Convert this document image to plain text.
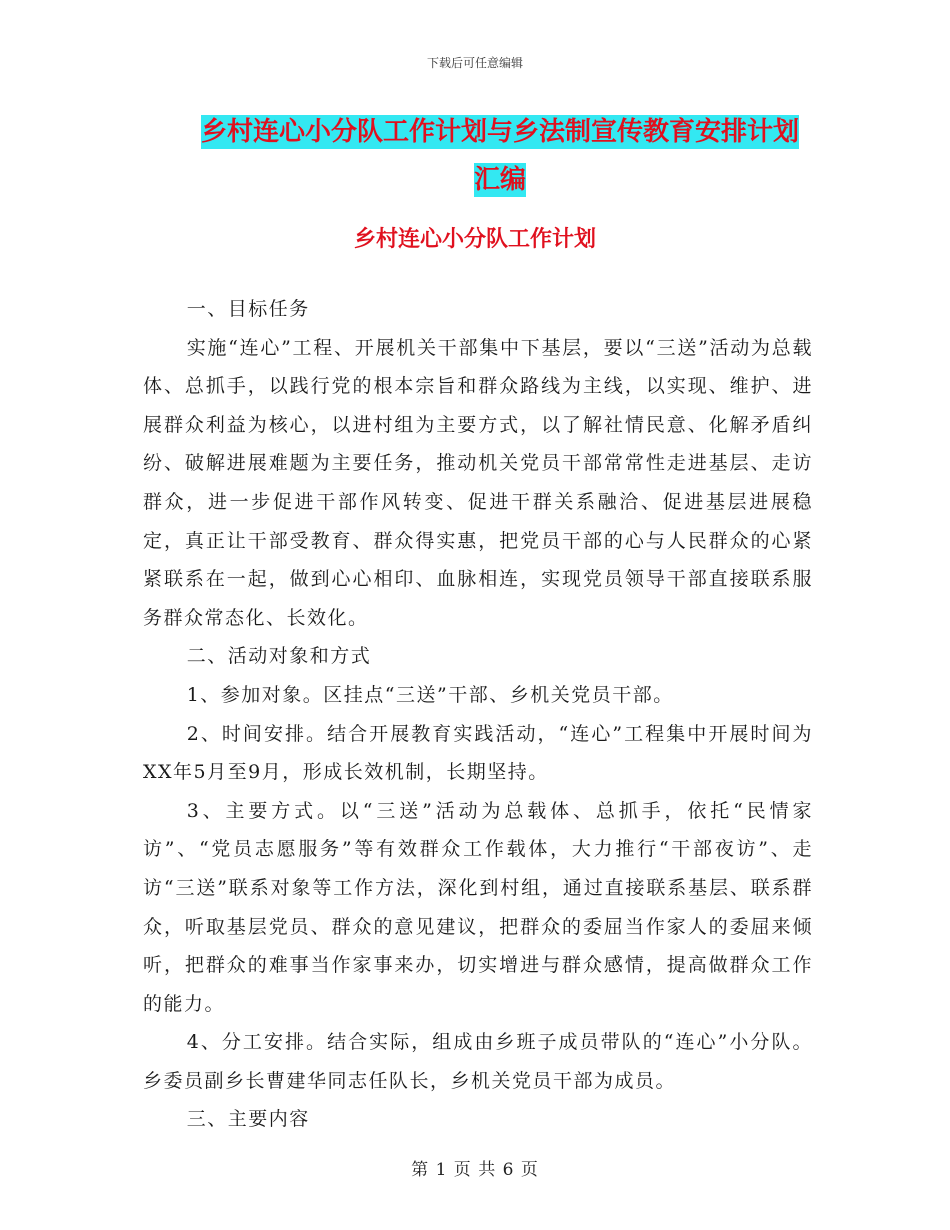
下载后可任意编辑
乡村连心小分队工作计划与乡法制宣传教育安排计划
汇编
乡村连心小分队工作计划

一、目标任务

实施“连心”工程、开展机关干部集中下基层，要以“三送”活动为总载体、总抓手，以践行党的根本宗旨和群众路线为主线，以实现、维护、进展群众利益为核心，以进村组为主要方式，以了解社情民意、化解矛盾纠纷、破解进展难题为主要任务，推动机关党员干部常常性走进基层、走访群众，进一步促进干部作风转变、促进干群关系融洽、促进基层进展稳定，真正让干部受教育、群众得实惠，把党员干部的心与人民群众的心紧紧联系在一起，做到心心相印、血脉相连，实现党员领导干部直接联系服务群众常态化、长效化。

二、活动对象和方式

1、参加对象。区挂点“三送”干部、乡机关党员干部。

2、时间安排。结合开展教育实践活动，“连心”工程集中开展时间为XX年5月至9月，形成长效机制，长期坚持。

3、主要方式。以“三送”活动为总载体、总抓手，依托“民情家访”、“党员志愿服务”等有效群众工作载体，大力推行“干部夜访”、走访“三送”联系对象等工作方法，深化到村组，通过直接联系基层、联系群众，听取基层党员、群众的意见建议，把群众的委屈当作家人的委屈来倾听，把群众的难事当作家事来办，切实增进与群众感情，提高做群众工作的能力。

4、分工安排。结合实际，组成由乡班子成员带队的“连心”小分队。乡委员副乡长曹建华同志任队长，乡机关党员干部为成员。

三、主要内容

第 1 页 共 6 页
